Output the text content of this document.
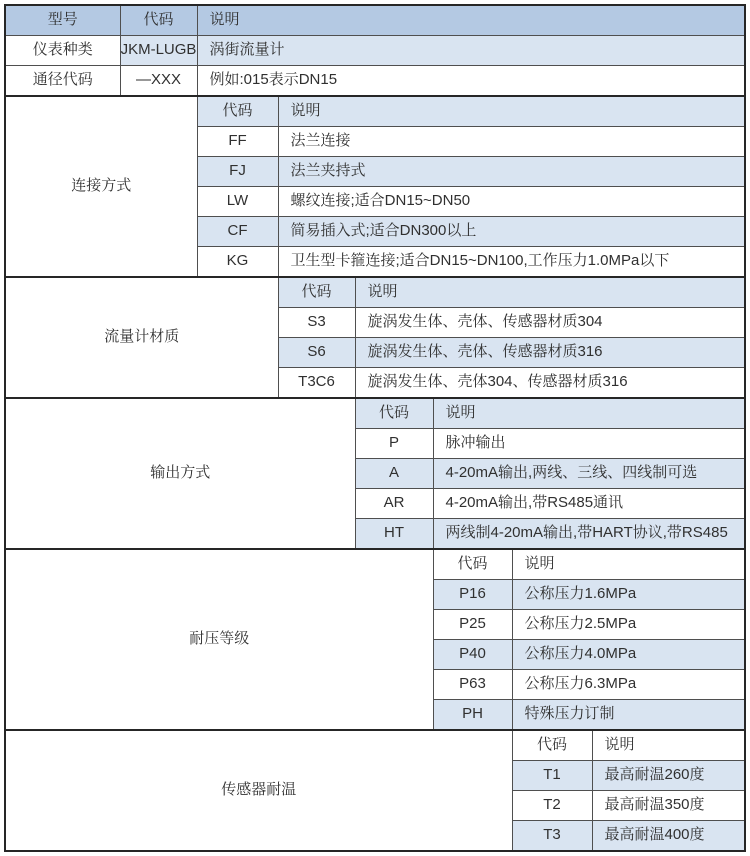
型号	代码	说明					
仪表种类	JKM-LUGB	涡街流量计					
通径代码	—XXX	例如:015表示DN15					
连接方式		代码	说明				
		FF	法兰连接				
		FJ	法兰夹持式				
		LW	螺纹连接;适合DN15~DN50				
		CF	简易插入式;适合DN300以上				
		KG	卫生型卡箍连接;适合DN15~DN100,工作压力1.0MPa以下				
流量计材质			代码	说明			
			S3	旋涡发生体、壳体、传感器材质304			
			S6	旋涡发生体、壳体、传感器材质316			
			T3C6	旋涡发生体、壳体304、传感器材质316			
输出方式				代码	说明		
				P	脉冲输出		
				A	4-20mA输出,两线、三线、四线制可选		
				AR	4-20mA输出,带RS485通讯		
				HT	两线制4-20mA输出,带HART协议,带RS485		
耐压等级					代码	说明	
					P16	公称压力1.6MPa	
					P25	公称压力2.5MPa	
					P40	公称压力4.0MPa	
					P63	公称压力6.3MPa	
					PH	特殊压力订制	
传感器耐温						代码	说明
						T1	最高耐温260度
						T2	最高耐温350度
						T3	最高耐温400度
